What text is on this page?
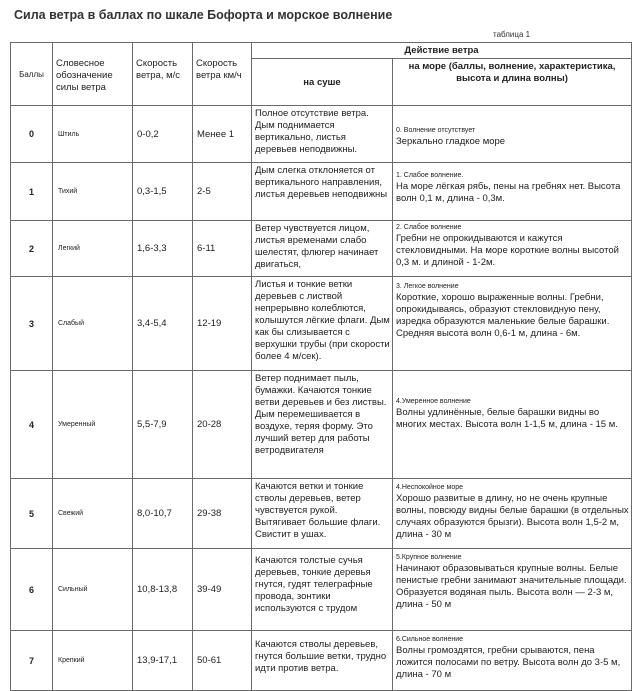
Сила ветра в баллах по шкале Бофорта и морское волнение
таблица 1
Баллы	Словесное обозначение силы ветра	Скорость ветра, м/с	Скорость ветра км/ч	Действие ветра	
				на суше	на море (баллы, волнение, характеристика, высота и длина волны)
0	Штиль	0-0,2	Менее 1	Полное отсутствие ветра. Дым поднимается вертикально, листья деревьев неподвижны.	0. Волнение отсутствует
Зеркально гладкое море

1	Тихий	0,3-1,5	2-5	Дым слегка отклоняется от вертикального направления, листья деревьев неподвижны	1. Слабое волнение.
На море лёгкая рябь, пены на гребнях нет. Высота волн 0,1 м, длина - 0,3м.

2	Легкий	1,6-3,3	6-11	Ветер чувствуется лицом, листья временами слабо шелестят, флюгер начинает двигаться,	2. Слабое волнение
Гребни не опрокидываются и кажутся стекловидными. На море короткие волны высотой 0,3 м. и длиной - 1-2м.

3	Слабый	3,4-5,4	12-19	Листья и тонкие ветки деревьев с листвой непрерывно колеблются, колышутся лёгкие флаги. Дым как бы слизывается с верхушки трубы (при скорости более 4 м/сек).	3. Легкое волнение
Короткие, хорошо выраженные волны. Гребни, опрокидываясь, образуют стекловидную пену, изредка образуются маленькие белые барашки. Средняя высота волн 0,6-1 м, длина - 6м.

4	Умеренный	5,5-7,9	20-28	Ветер поднимает пыль, бумажки. Качаются тонкие ветви деревьев и без листвы. Дым перемешивается в воздухе, теряя форму. Это лучший ветер для работы ветродвигателя	4.Умеренное волнение
Волны удлинённые, белые барашки видны во многих местах. Высота волн 1-1,5 м, длина - 15 м.

5	Свежий	8,0-10,7	29-38	Качаются ветки и тонкие стволы деревьев, ветер чувствуется рукой. Вытягивает большие флаги. Свистит в ушах.	4.Неспокойное море
Хорошо развитые в длину, но не очень крупные волны, повсюду видны белые барашки (в отдельных случаях образуются брызги). Высота волн 1,5-2 м, длина - 30 м

6	Сильный	10,8-13,8	39-49	Качаются толстые сучья деревьев, тонкие деревья гнутся, гудят телеграфные провода, зонтики используются с трудом	5.Крупное волнение
Начинают образовываться крупные волны. Белые пенистые гребни занимают значительные площади. Образуется водяная пыль. Высота волн — 2-3 м, длина - 50 м

7	Крепкий	13,9-17,1	50-61	Качаются стволы деревьев, гнутся большие ветки, трудно идти против ветра.	6.Сильное волнение
Волны громоздятся, гребни срываются, пена ложится полосами по ветру. Высота волн до 3-5 м, длина - 70 м
